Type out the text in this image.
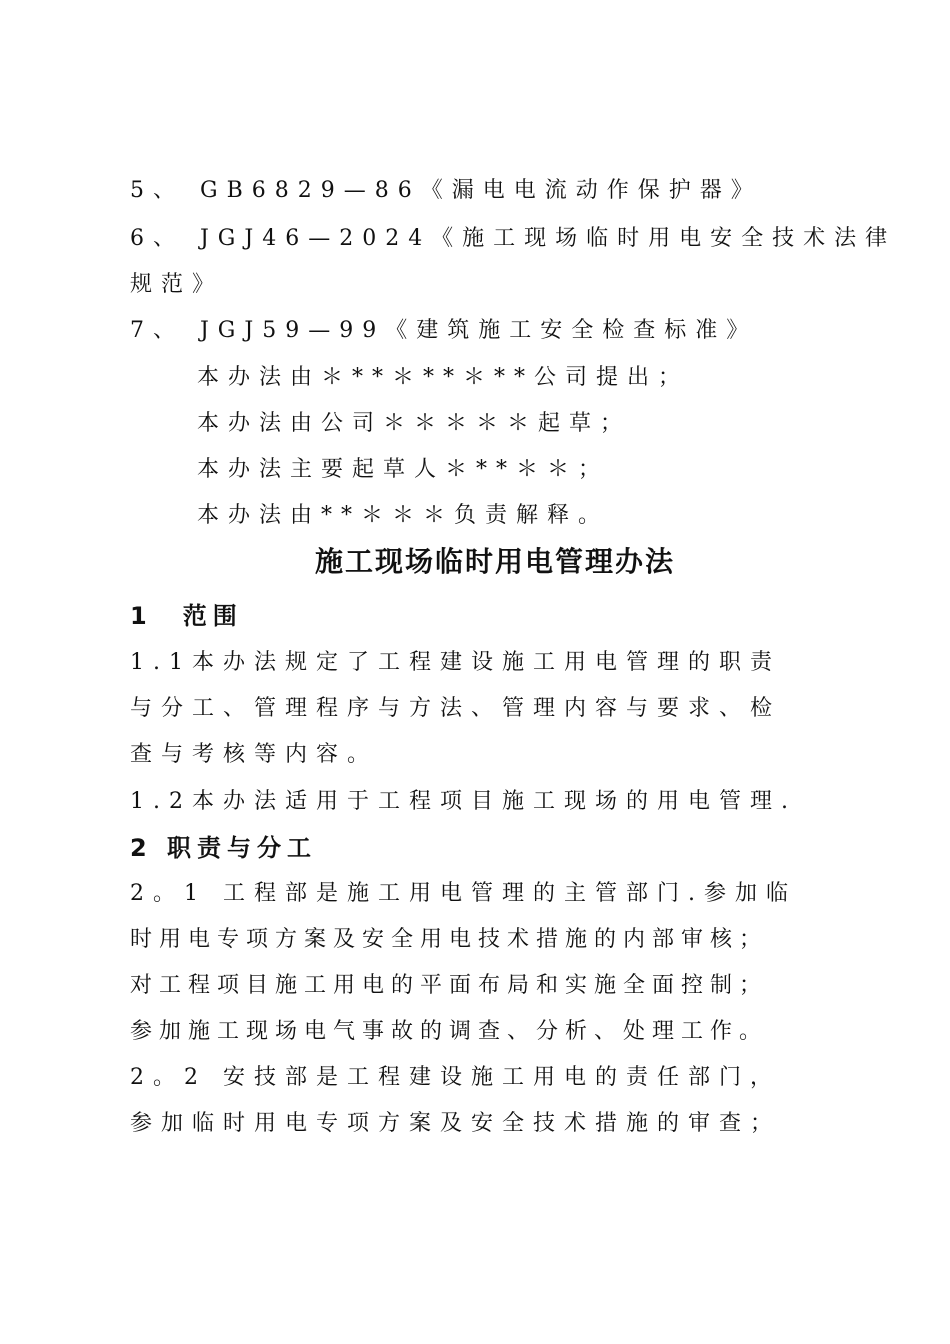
5、 GB6829—86《漏电电流动作保护器》
6、 JGJ46—2024《施工现场临时用电安全技术法律
规范》
7、 JGJ59—99《建筑施工安全检查标准》
本办法由＊**＊**＊**公司提出；
本办法由公司＊＊＊＊＊起草；
本办法主要起草人＊**＊＊；
本办法由**＊＊＊负责解释。
施工现场临时用电管理办法
1　范围
1.1本办法规定了工程建设施工用电管理的职责
与分工、管理程序与方法、管理内容与要求、检
查与考核等内容。
1.2本办法适用于工程项目施工现场的用电管理.
2 职责与分工
2。1 工程部是施工用电管理的主管部门.参加临
时用电专项方案及安全用电技术措施的内部审核；
对工程项目施工用电的平面布局和实施全面控制；
参加施工现场电气事故的调查、分析、处理工作。
2。2 安技部是工程建设施工用电的责任部门，
参加临时用电专项方案及安全技术措施的审查；
